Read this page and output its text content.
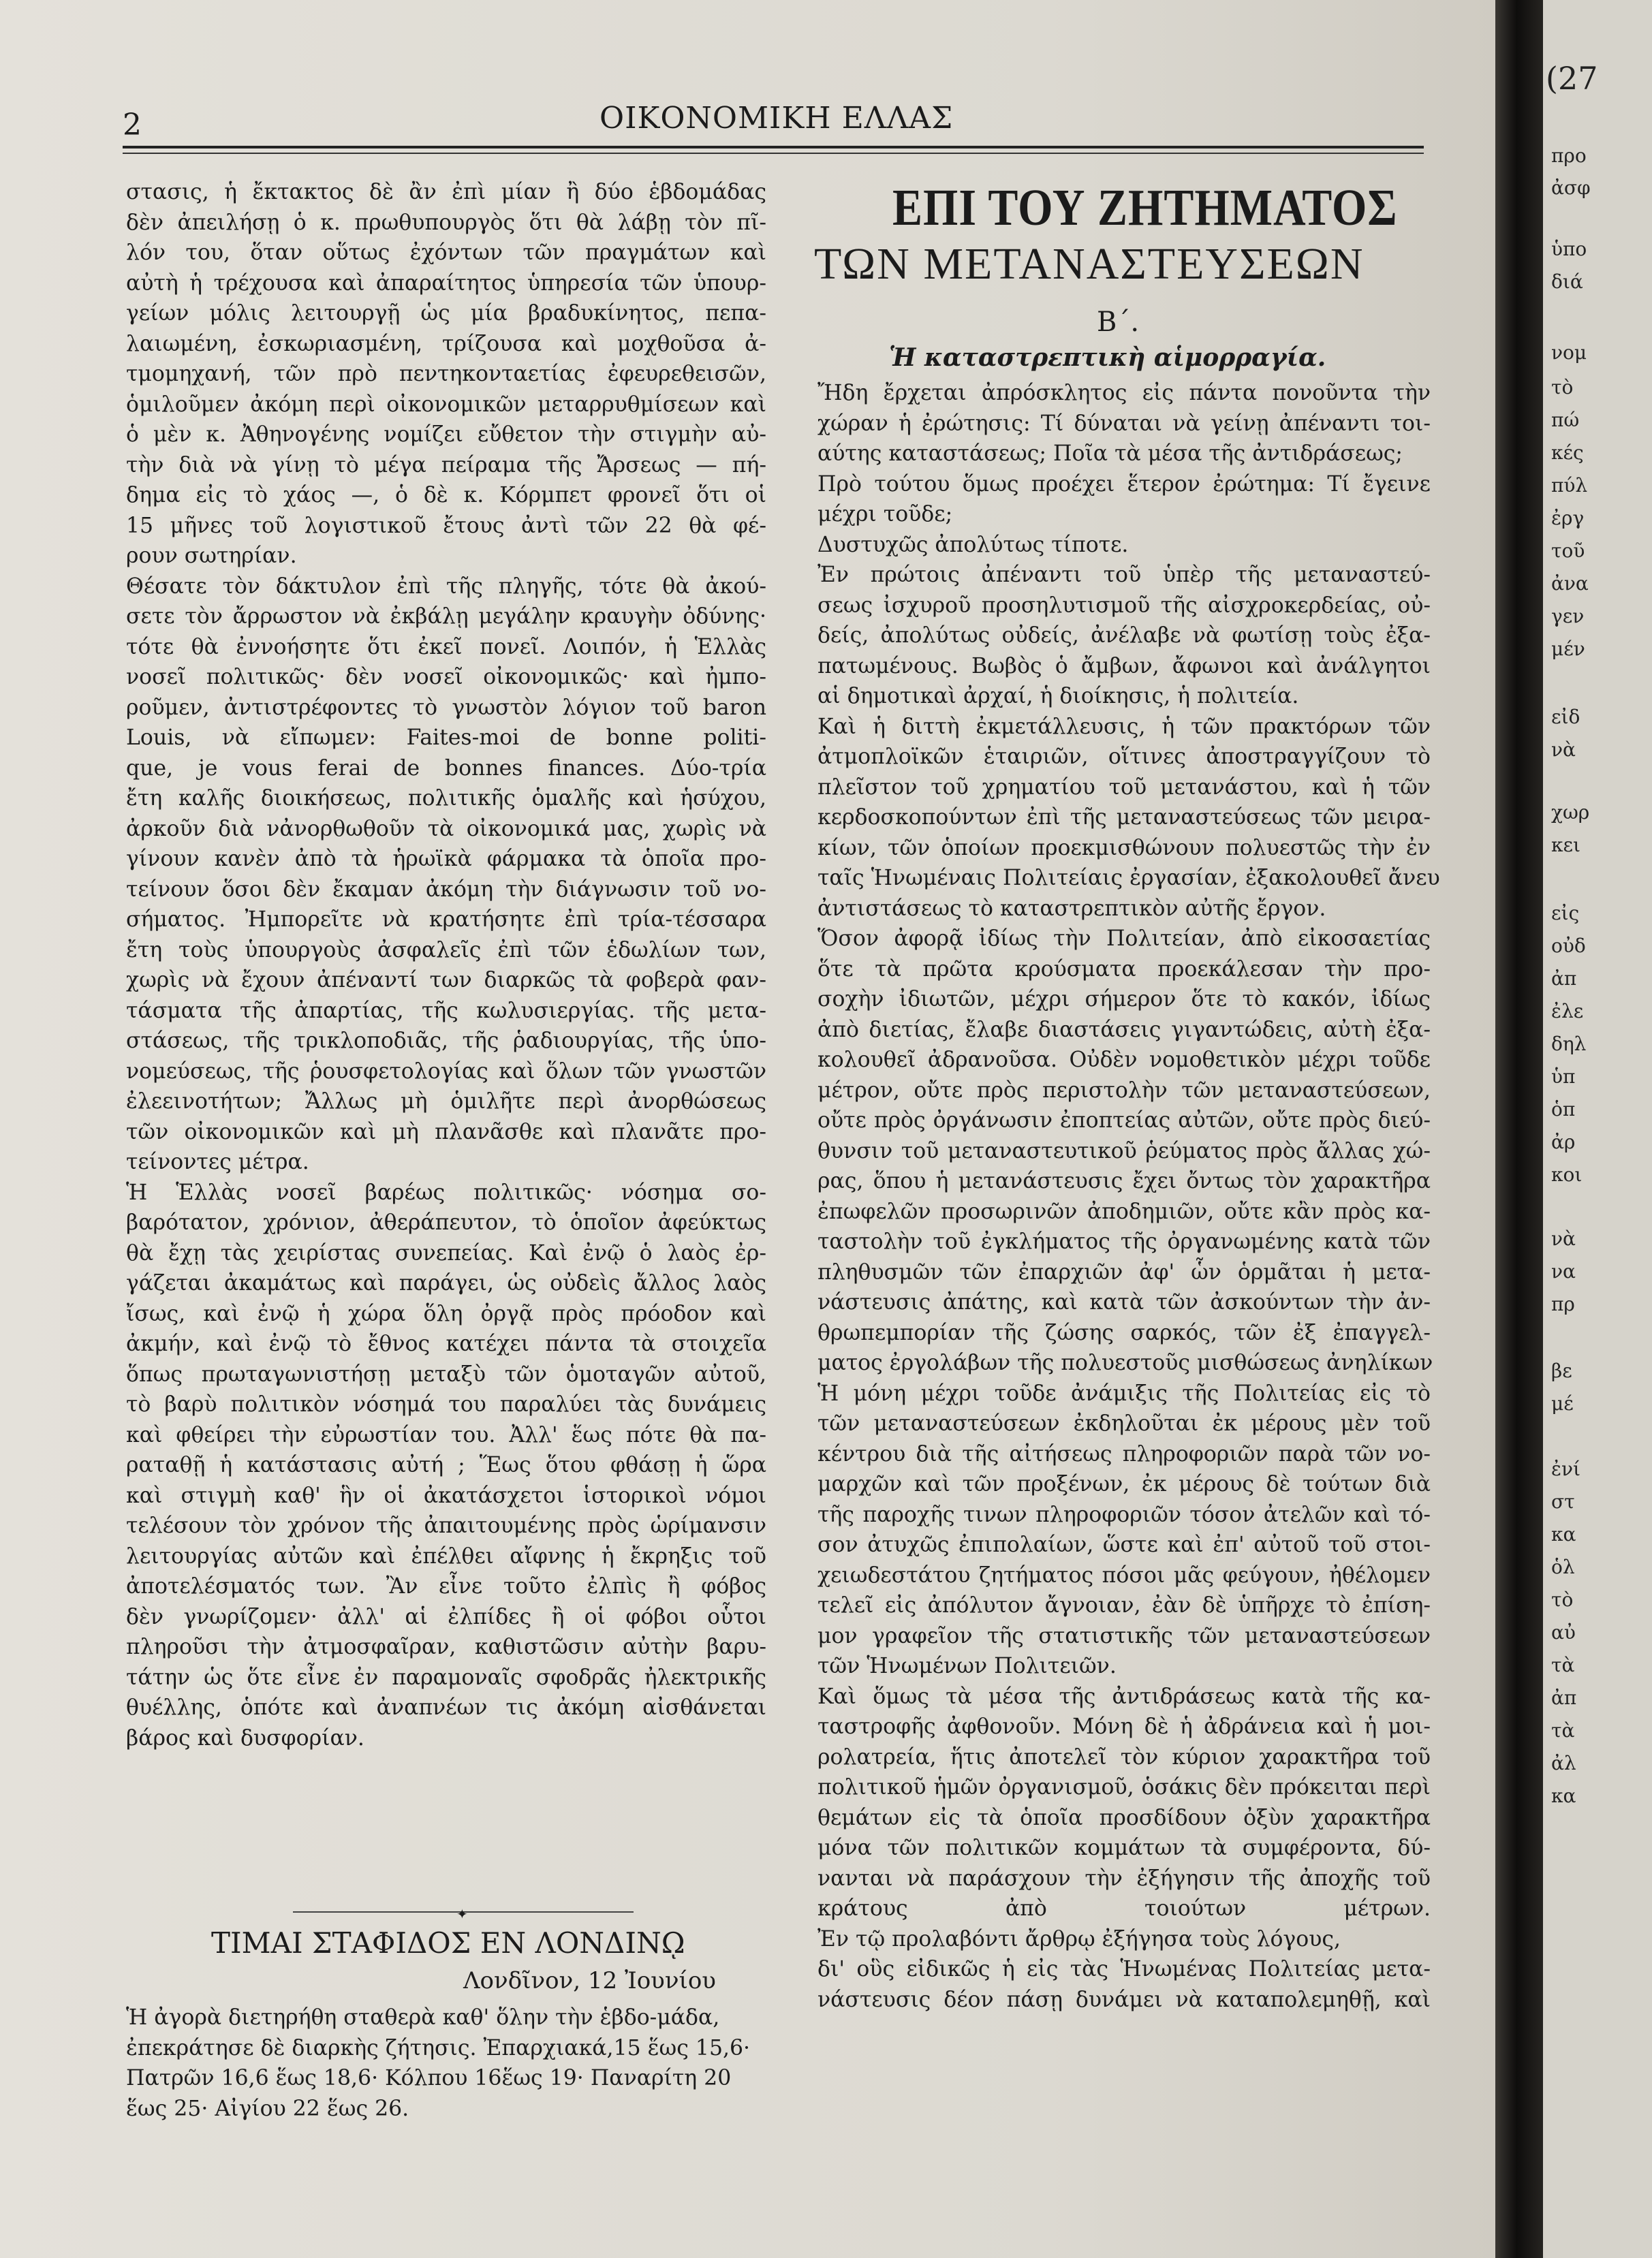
2	ΟΙΚΟΝΟΜΙΚΗ ΕΛΛΑΣ
στασις, ἡ ἔκτακτος δὲ ἂν ἐπὶ μίαν ἢ δύο ἑβδομάδας
δὲν ἀπειλήσῃ ὁ κ. πρωθυπουργὸς ὅτι θὰ λάβῃ τὸν πῖ-
λόν του, ὅταν οὕτως ἐχόντων τῶν πραγμάτων καὶ
αὐτὴ ἡ τρέχουσα καὶ ἀπαραίτητος ὑπηρεσία τῶν ὑπουρ-
γείων μόλις λειτουργῇ ὡς μία βραδυκίνητος, πεπα-
λαιωμένη, ἐσκωριασμένη, τρίζουσα καὶ μοχθοῦσα ἀ-
τμομηχανή, τῶν πρὸ πεντηκονταετίας ἐφευρεθεισῶν,
ὁμιλοῦμεν ἀκόμη περὶ οἰκονομικῶν μεταρρυθμίσεων καὶ
ὁ μὲν κ. Ἀθηνογένης νομίζει εὔθετον τὴν στιγμὴν αὐ-
τὴν διὰ νὰ γίνῃ τὸ μέγα πείραμα τῆς Ἄρσεως — πή-
δημα εἰς τὸ χάος —, ὁ δὲ κ. Κόρμπετ φρονεῖ ὅτι οἱ
15 μῆνες τοῦ λογιστικοῦ ἔτους ἀντὶ τῶν 22 θὰ φέ-
ρουν σωτηρίαν.
Θέσατε τὸν δάκτυλον ἐπὶ τῆς πληγῆς, τότε θὰ ἀκού-
σετε τὸν ἄρρωστον νὰ ἐκβάλῃ μεγάλην κραυγὴν ὀδύνης·
τότε θὰ ἐννοήσητε ὅτι ἐκεῖ πονεῖ. Λοιπόν, ἡ Ἑλλὰς
νοσεῖ πολιτικῶς· δὲν νοσεῖ οἰκονομικῶς· καὶ ἠμπο-
ροῦμεν, ἀντιστρέφοντες τὸ γνωστὸν λόγιον τοῦ baron
Louis, νὰ εἴπωμεν: Faites-moi de bonne politi-
que, je vous ferai de bonnes finances. Δύο-τρία
ἔτη καλῆς διοικήσεως, πολιτικῆς ὁμαλῆς καὶ ἡσύχου,
ἀρκοῦν διὰ νἀνορθωθοῦν τὰ οἰκονομικά μας, χωρὶς νὰ
γίνουν κανὲν ἀπὸ τὰ ἡρωϊκὰ φάρμακα τὰ ὁποῖα προ-
τείνουν ὅσοι δὲν ἔκαμαν ἀκόμη τὴν διάγνωσιν τοῦ νο-
σήματος. Ἠμπορεῖτε νὰ κρατήσητε ἐπὶ τρία-τέσσαρα
ἔτη τοὺς ὑπουργοὺς ἀσφαλεῖς ἐπὶ τῶν ἑδωλίων των,
χωρὶς νὰ ἔχουν ἀπέναντί των διαρκῶς τὰ φοβερὰ φαν-
τάσματα τῆς ἀπαρτίας, τῆς κωλυσιεργίας. τῆς μετα-
στάσεως, τῆς τρικλοποδιᾶς, τῆς ῥαδιουργίας, τῆς ὑπο-
νομεύσεως, τῆς ῥουσφετολογίας καὶ ὅλων τῶν γνωστῶν
ἐλεεινοτήτων; Ἄλλως μὴ ὁμιλῆτε περὶ ἀνορθώσεως
τῶν οἰκονομικῶν καὶ μὴ πλανᾶσθε καὶ πλανᾶτε προ-
τείνοντες μέτρα.
Ἡ Ἑλλὰς νοσεῖ βαρέως πολιτικῶς· νόσημα σο-
βαρότατον, χρόνιον, ἀθεράπευτον, τὸ ὁποῖον ἀφεύκτως
θὰ ἔχῃ τὰς χειρίστας συνεπείας. Καὶ ἐνῷ ὁ λαὸς ἐρ-
γάζεται ἀκαμάτως καὶ παράγει, ὡς οὐδεὶς ἄλλος λαὸς
ἴσως, καὶ ἐνῷ ἡ χώρα ὅλη ὀργᾷ πρὸς πρόοδον καὶ
ἀκμήν, καὶ ἐνῷ τὸ ἔθνος κατέχει πάντα τὰ στοιχεῖα
ὅπως πρωταγωνιστήσῃ μεταξὺ τῶν ὁμοταγῶν αὐτοῦ,
τὸ βαρὺ πολιτικὸν νόσημά του παραλύει τὰς δυνάμεις
καὶ φθείρει τὴν εὐρωστίαν του. Ἀλλ' ἕως πότε θὰ πα-
ραταθῇ ἡ κατάστασις αὐτή ; Ἕως ὅτου φθάσῃ ἡ ὥρα
καὶ στιγμὴ καθ' ἣν οἱ ἀκατάσχετοι ἱστορικοὶ νόμοι
τελέσουν τὸν χρόνον τῆς ἀπαιτουμένης πρὸς ὡρίμανσιν
λειτουργίας αὐτῶν καὶ ἐπέλθει αἴφνης ἡ ἔκρηξις τοῦ
ἀποτελέσματός των. Ἂν εἶνε τοῦτο ἐλπὶς ἢ φόβος
δὲν γνωρίζομεν· ἀλλ' αἱ ἐλπίδες ἢ οἱ φόβοι οὗτοι
πληροῦσι τὴν ἀτμοσφαῖραν, καθιστῶσιν αὐτὴν βαρυ-
τάτην ὡς ὅτε εἶνε ἐν παραμοναῖς σφοδρᾶς ἠλεκτρικῆς
θυέλλης, ὁπότε καὶ ἀναπνέων τις ἀκόμη αἰσθάνεται
βάρος καὶ δυσφορίαν.
✦
ΤΙΜΑΙ ΣΤΑΦΙΔΟΣ ΕΝ ΛΟΝΔΙΝῼ
Λονδῖνον, 12 Ἰουνίου
Ἡ ἀγορὰ διετηρήθη σταθερὰ καθ' ὅλην τὴν ἑβδο-μάδα, ἐπεκράτησε δὲ διαρκὴς ζήτησις. Ἐπαρχιακά,15 ἕως 15,6· Πατρῶν 16,6 ἕως 18,6· Κόλπου 16ἕως 19· Παναρίτη 20 ἕως 25· Αἰγίου 22 ἕως 26.
ΕΠΙ ΤΟΥ ΖΗΤΗΜΑΤΟΣ
ΤΩΝ ΜΕΤΑΝΑΣΤΕΥΣΕΩΝ
Β΄.
Ἡ καταστρεπτικὴ αἱμορραγία.
Ἤδη ἔρχεται ἀπρόσκλητος εἰς πάντα πονοῦντα τὴν
χώραν ἡ ἐρώτησις: Τί δύναται νὰ γείνῃ ἀπέναντι τοι-
αύτης καταστάσεως; Ποῖα τὰ μέσα τῆς ἀντιδράσεως;
Πρὸ τούτου ὅμως προέχει ἕτερον ἐρώτημα: Τί ἔγεινε
μέχρι τοῦδε;
Δυστυχῶς ἀπολύτως τίποτε.
Ἐν πρώτοις ἀπέναντι τοῦ ὑπὲρ τῆς μεταναστεύ-
σεως ἰσχυροῦ προσηλυτισμοῦ τῆς αἰσχροκερδείας, οὐ-
δείς, ἀπολύτως οὐδείς, ἀνέλαβε νὰ φωτίσῃ τοὺς ἐξα-
πατωμένους. Βωβὸς ὁ ἄμβων, ἄφωνοι καὶ ἀνάλγητοι
αἱ δημοτικαὶ ἀρχαί, ἡ διοίκησις, ἡ πολιτεία.
Καὶ ἡ διττὴ ἐκμετάλλευσις, ἡ τῶν πρακτόρων τῶν
ἀτμοπλοϊκῶν ἑταιριῶν, οἵτινες ἀποστραγγίζουν τὸ
πλεῖστον τοῦ χρηματίου τοῦ μετανάστου, καὶ ἡ τῶν
κερδοσκοπούντων ἐπὶ τῆς μεταναστεύσεως τῶν μειρα-
κίων, τῶν ὁποίων προεκμισθώνουν πολυεστῶς τὴν ἐν
ταῖς Ἡνωμέναις Πολιτείαις ἐργασίαν, ἐξακολουθεῖ ἄνευ
ἀντιστάσεως τὸ καταστρεπτικὸν αὐτῆς ἔργον.
Ὅσον ἀφορᾷ ἰδίως τὴν Πολιτείαν, ἀπὸ εἰκοσαετίας
ὅτε τὰ πρῶτα κρούσματα προεκάλεσαν τὴν προ-
σοχὴν ἰδιωτῶν, μέχρι σήμερον ὅτε τὸ κακόν, ἰδίως
ἀπὸ διετίας, ἔλαβε διαστάσεις γιγαντώδεις, αὐτὴ ἐξα-
κολουθεῖ ἀδρανοῦσα. Οὐδὲν νομοθετικὸν μέχρι τοῦδε
μέτρον, οὔτε πρὸς περιστολὴν τῶν μεταναστεύσεων,
οὔτε πρὸς ὀργάνωσιν ἐποπτείας αὐτῶν, οὔτε πρὸς διεύ-
θυνσιν τοῦ μεταναστευτικοῦ ῥεύματος πρὸς ἄλλας χώ-
ρας, ὅπου ἡ μετανάστευσις ἔχει ὄντως τὸν χαρακτῆρα
ἐπωφελῶν προσωρινῶν ἀποδημιῶν, οὔτε κἂν πρὸς κα-
ταστολὴν τοῦ ἐγκλήματος τῆς ὀργανωμένης κατὰ τῶν
πληθυσμῶν τῶν ἐπαρχιῶν ἀφ' ὧν ὁρμᾶται ἡ μετα-
νάστευσις ἀπάτης, καὶ κατὰ τῶν ἀσκούντων τὴν ἀν-
θρωπεμπορίαν τῆς ζώσης σαρκός, τῶν ἐξ ἐπαγγελ-
ματος ἐργολάβων τῆς πολυεστοῦς μισθώσεως ἀνηλίκων
Ἡ μόνη μέχρι τοῦδε ἀνάμιξις τῆς Πολιτείας εἰς τὸ
τῶν μεταναστεύσεων ἐκδηλοῦται ἐκ μέρους μὲν τοῦ
κέντρου διὰ τῆς αἰτήσεως πληροφοριῶν παρὰ τῶν νο-
μαρχῶν καὶ τῶν προξένων, ἐκ μέρους δὲ τούτων διὰ
τῆς παροχῆς τινων πληροφοριῶν τόσον ἀτελῶν καὶ τό-
σον ἀτυχῶς ἐπιπολαίων, ὥστε καὶ ἐπ' αὐτοῦ τοῦ στοι-
χειωδεστάτου ζητήματος πόσοι μᾶς φεύγουν, ἠθέλομεν
τελεῖ εἰς ἀπόλυτον ἄγνοιαν, ἐὰν δὲ ὑπῆρχε τὸ ἐπίση-
μον γραφεῖον τῆς στατιστικῆς τῶν μεταναστεύσεων
τῶν Ἡνωμένων Πολιτειῶν.
Καὶ ὅμως τὰ μέσα τῆς ἀντιδράσεως κατὰ τῆς κα-
ταστροφῆς ἀφθονοῦν. Μόνη δὲ ἡ ἀδράνεια καὶ ἡ μοι-
ρολατρεία, ἥτις ἀποτελεῖ τὸν κύριον χαρακτῆρα τοῦ
πολιτικοῦ ἡμῶν ὀργανισμοῦ, ὁσάκις δὲν πρόκειται περὶ
θεμάτων εἰς τὰ ὁποῖα προσδίδουν ὀξὺν χαρακτῆρα
μόνα τῶν πολιτικῶν κομμάτων τὰ συμφέροντα, δύ-
νανται νὰ παράσχουν τὴν ἐξήγησιν τῆς ἀποχῆς τοῦ
κράτους ἀπὸ τοιούτων μέτρων.
Ἐν τῷ προλαβόντι ἄρθρῳ ἐξήγησα τοὺς λόγους,
δι' οὓς εἰδικῶς ἡ εἰς τὰς Ἡνωμένας Πολιτείας μετα-
νάστευσις δέον πάσῃ δυνάμει νὰ καταπολεμηθῇ, καὶ
(27
προ
ἀσφ
ὑπο
διά
νομ
τὸ
πώ
κές
πύλ
ἐργ
τοῦ
ἀνα
γεν
μέν
εἰδ
νὰ
χωρ
κει
εἰς
οὐδ
ἀπ
ἐλε
δηλ
ὑπ
ὁπ
ἀρ
κοι
νὰ
να
πρ
βε
μέ
ἐνί
στ
κα
ὁλ
τὸ
αὐ
τὰ
ἀπ
τὰ
ἀλ
κα
